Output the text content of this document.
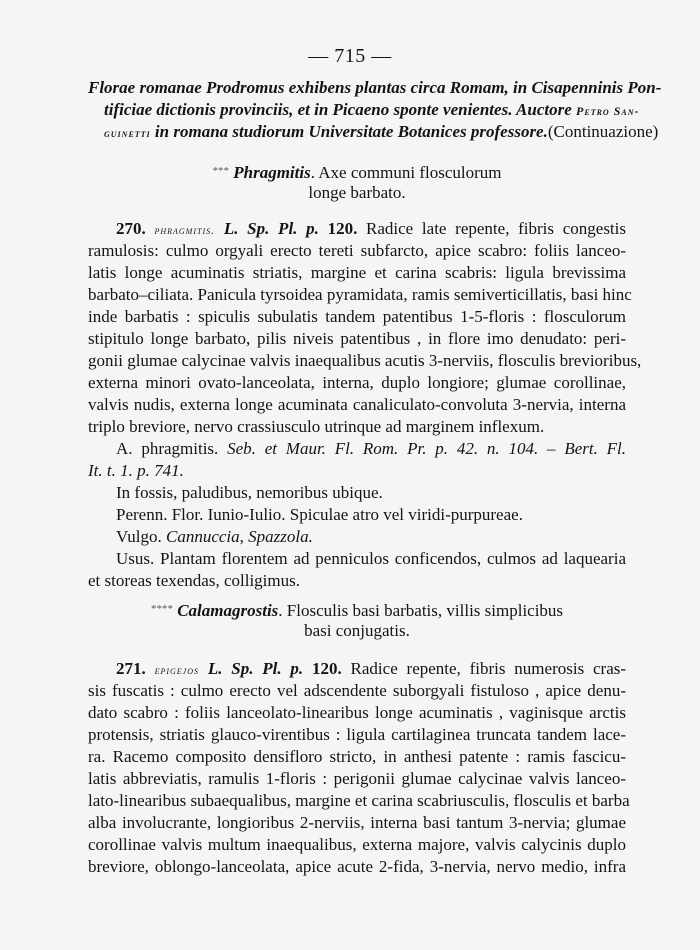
— 715 —
Florae romanae Prodromus exhibens plantas circa Romam, in Cisapenninis Pon-
tificiae dictionis provinciis, et in Picaeno sponte venientes. Auctore Petro San-
guinetti in romana studiorum Universitate Botanices professore.(Continuazione)
*** Phragmitis. Axe communi flosculorum
longe barbato.
270. phragmitis. L. Sp. Pl. p. 120. Radice late repente, fibris congestis
ramulosis: culmo orgyali erecto tereti subfarcto, apice scabro: foliis lanceo-
latis longe acuminatis striatis, margine et carina scabris: ligula brevissima
barbato–ciliata. Panicula tyrsoidea pyramidata, ramis semiverticillatis, basi hinc
inde barbatis : spiculis subulatis tandem patentibus 1-5-floris : flosculorum
stipitulo longe barbato, pilis niveis patentibus , in flore imo denudato: peri-
gonii glumae calycinae valvis inaequalibus acutis 3-nerviis, flosculis brevioribus,
externa minori ovato-lanceolata, interna, duplo longiore; glumae corollinae,
valvis nudis, externa longe acuminata canaliculato-convoluta 3-nervia, interna
triplo breviore, nervo crassiusculo utrinque ad marginem inflexum.
A. phragmitis. Seb. et Maur. Fl. Rom. Pr. p. 42. n. 104. – Bert. Fl.
It. t. 1. p. 741.
In fossis, paludibus, nemoribus ubique.
Perenn. Flor. Iunio-Iulio. Spiculae atro vel viridi-purpureae.
Vulgo. Cannuccia, Spazzola.
Usus. Plantam florentem ad penniculos conficendos, culmos ad laquearia
et storeas texendas, colligimus.
**** Calamagrostis. Flosculis basi barbatis, villis simplicibus
basi conjugatis.
271. epigejos L. Sp. Pl. p. 120. Radice repente, fibris numerosis cras-
sis fuscatis : culmo erecto vel adscendente suborgyali fistuloso , apice denu-
dato scabro : foliis lanceolato-linearibus longe acuminatis , vaginisque arctis
protensis, striatis glauco-virentibus : ligula cartilaginea truncata tandem lace-
ra. Racemo composito densifloro stricto, in anthesi patente : ramis fascicu-
latis abbreviatis, ramulis 1-floris : perigonii glumae calycinae valvis lanceo-
lato-linearibus subaequalibus, margine et carina scabriusculis, flosculis et barba
alba involucrante, longioribus 2-nerviis, interna basi tantum 3-nervia; glumae
corollinae valvis multum inaequalibus, externa majore, valvis calycinis duplo
breviore, oblongo-lanceolata, apice acute 2-fida, 3-nervia, nervo medio, infra
